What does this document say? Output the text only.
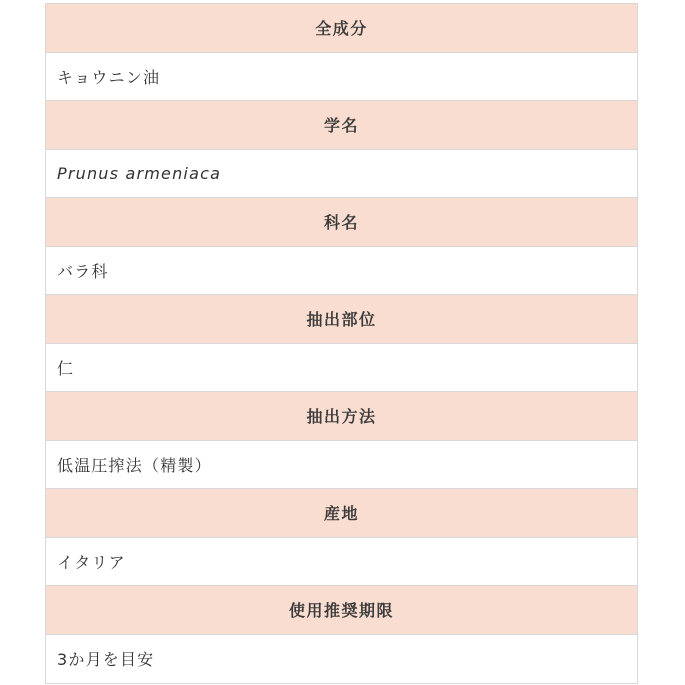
全成分
キョウニン油
学名
Prunus armeniaca
科名
バラ科
抽出部位
仁
抽出方法
低温圧搾法（精製）
産地
イタリア
使用推奨期限
3か月を目安
